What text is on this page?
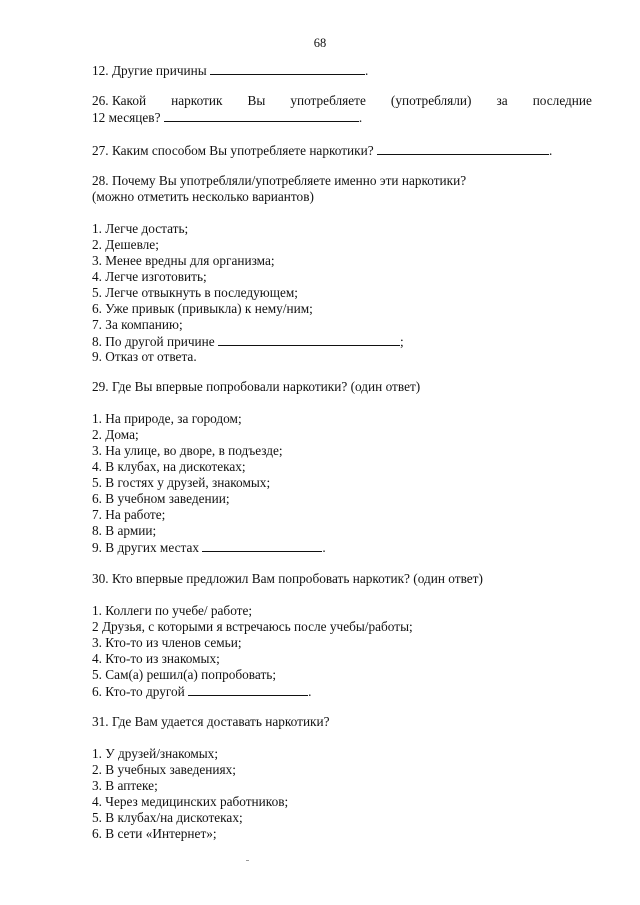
68
12. Другие причины	.
26. Какой наркотик Вы употребляете (употребляли) за последние
12 месяцев?	.
27. Каким способом Вы употребляете наркотики?	.
28. Почему Вы употребляли/употребляете именно эти наркотики?
(можно отметить несколько вариантов)
1. Легче достать;
2. Дешевле;
3. Менее вредны для организма;
4. Легче изготовить;
5. Легче отвыкнуть в последующем;
6. Уже привык (привыкла) к нему/ним;
7. За компанию;
8. По другой причине	;
9. Отказ от ответа.
29. Где Вы впервые попробовали наркотики? (один ответ)
1. На природе, за городом;
2. Дома;
3. На улице, во дворе, в подъезде;
4. В клубах, на дискотеках;
5. В гостях у друзей, знакомых;
6. В учебном заведении;
7. На работе;
8. В армии;
9. В других местах	.
30. Кто впервые предложил Вам попробовать наркотик? (один ответ)
1. Коллеги по учебе/ работе;
2 Друзья, с которыми я встречаюсь после учебы/работы;
3. Кто-то из членов семьи;
4. Кто-то из знакомых;
5. Сам(а) решил(а) попробовать;
6. Кто-то другой	.
31. Где Вам удается доставать наркотики?
1. У друзей/знакомых;
2. В учебных заведениях;
3. В аптеке;
4. Через медицинских работников;
5. В клубах/на дискотеках;
6. В сети «Интернет»;
